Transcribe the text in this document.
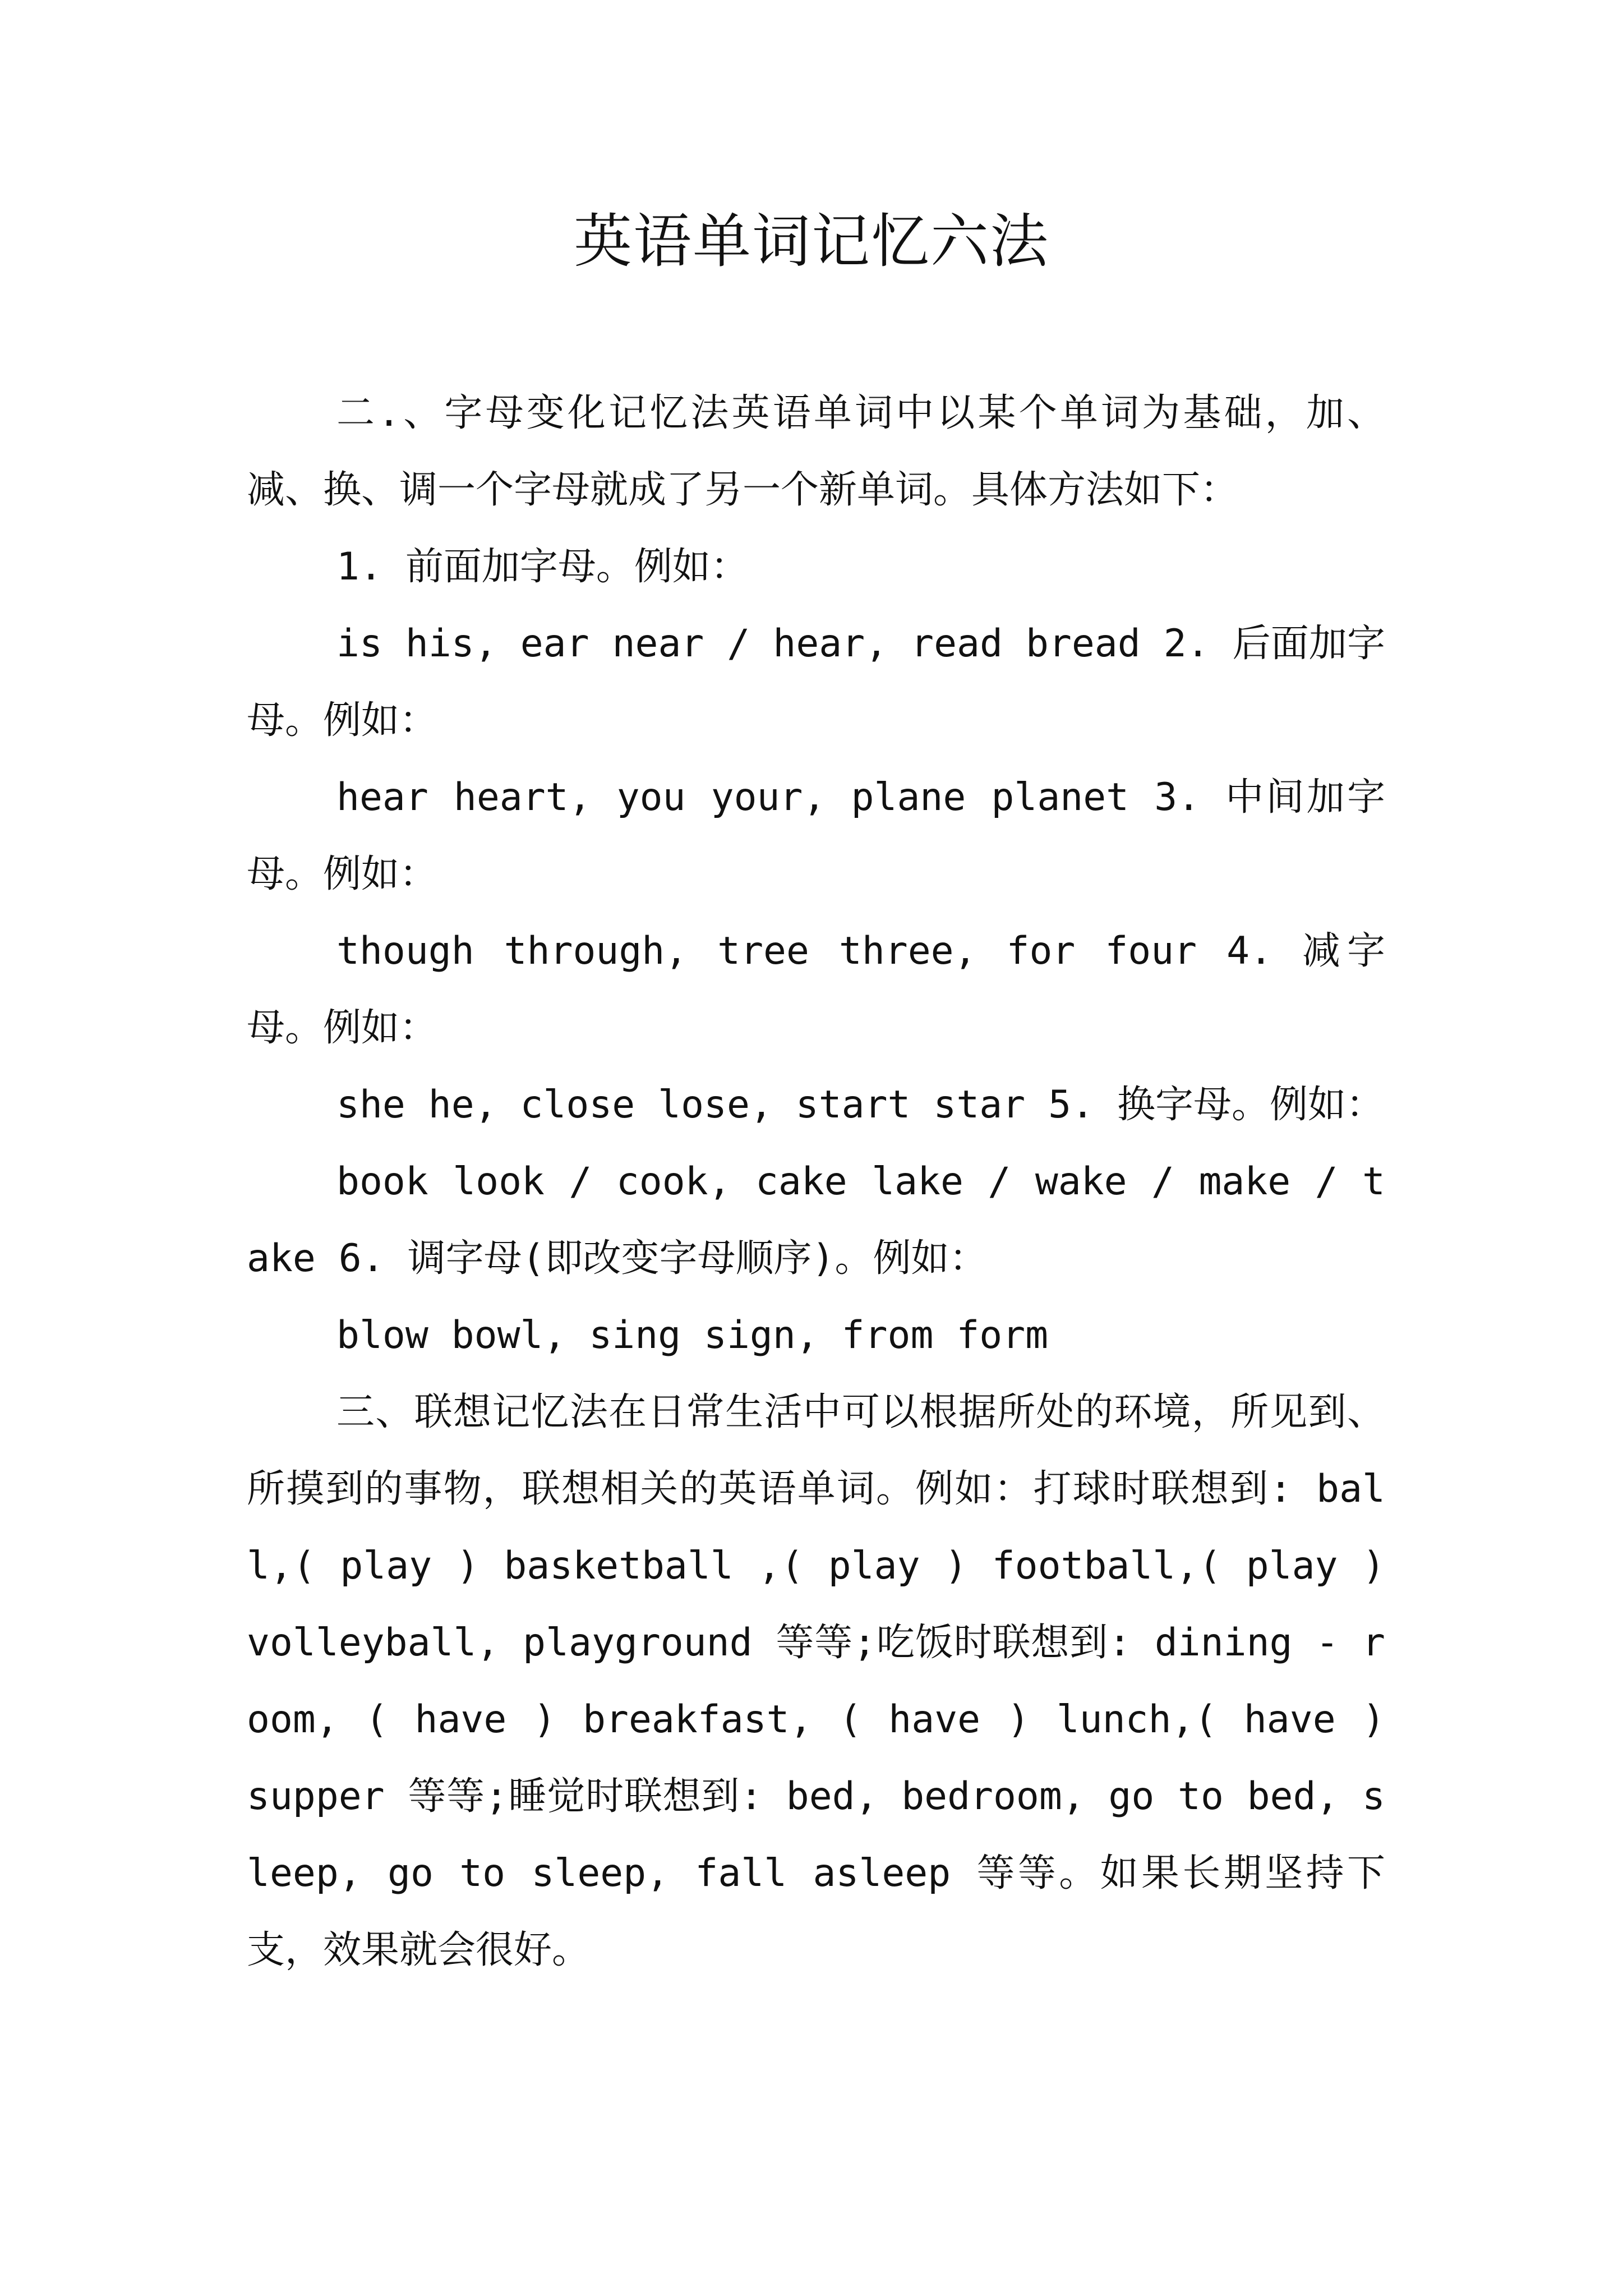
英语单词记忆六法

二.、字母变化记忆法英语单词中以某个单词为基础，加、减、换、调一个字母就成了另一个新单词。具体方法如下：

1. 前面加字母。例如：

is his, ear near / hear, read bread 2. 后面加字母。例如：

hear heart, you your, plane planet 3. 中间加字母。例如：

though through, tree three, for four 4. 减字母。例如：

she he, close lose, start star 5. 换字母。例如：

book look / cook, cake lake / wake / make / take 6. 调字母(即改变字母顺序)。例如：

blow bowl, sing sign, from form

三、联想记忆法在日常生活中可以根据所处的环境，所见到、所摸到的事物，联想相关的英语单词。例如：打球时联想到: ball,( play ) basketball ,( play ) football,( play ) volleyball, playground 等等;吃饭时联想到: dining - room, ( have ) breakfast, ( have ) lunch,( have ) supper 等等;睡觉时联想到: bed, bedroom, go to bed, sleep, go to sleep, fall asleep 等等。如果长期坚持下支，效果就会很好。
